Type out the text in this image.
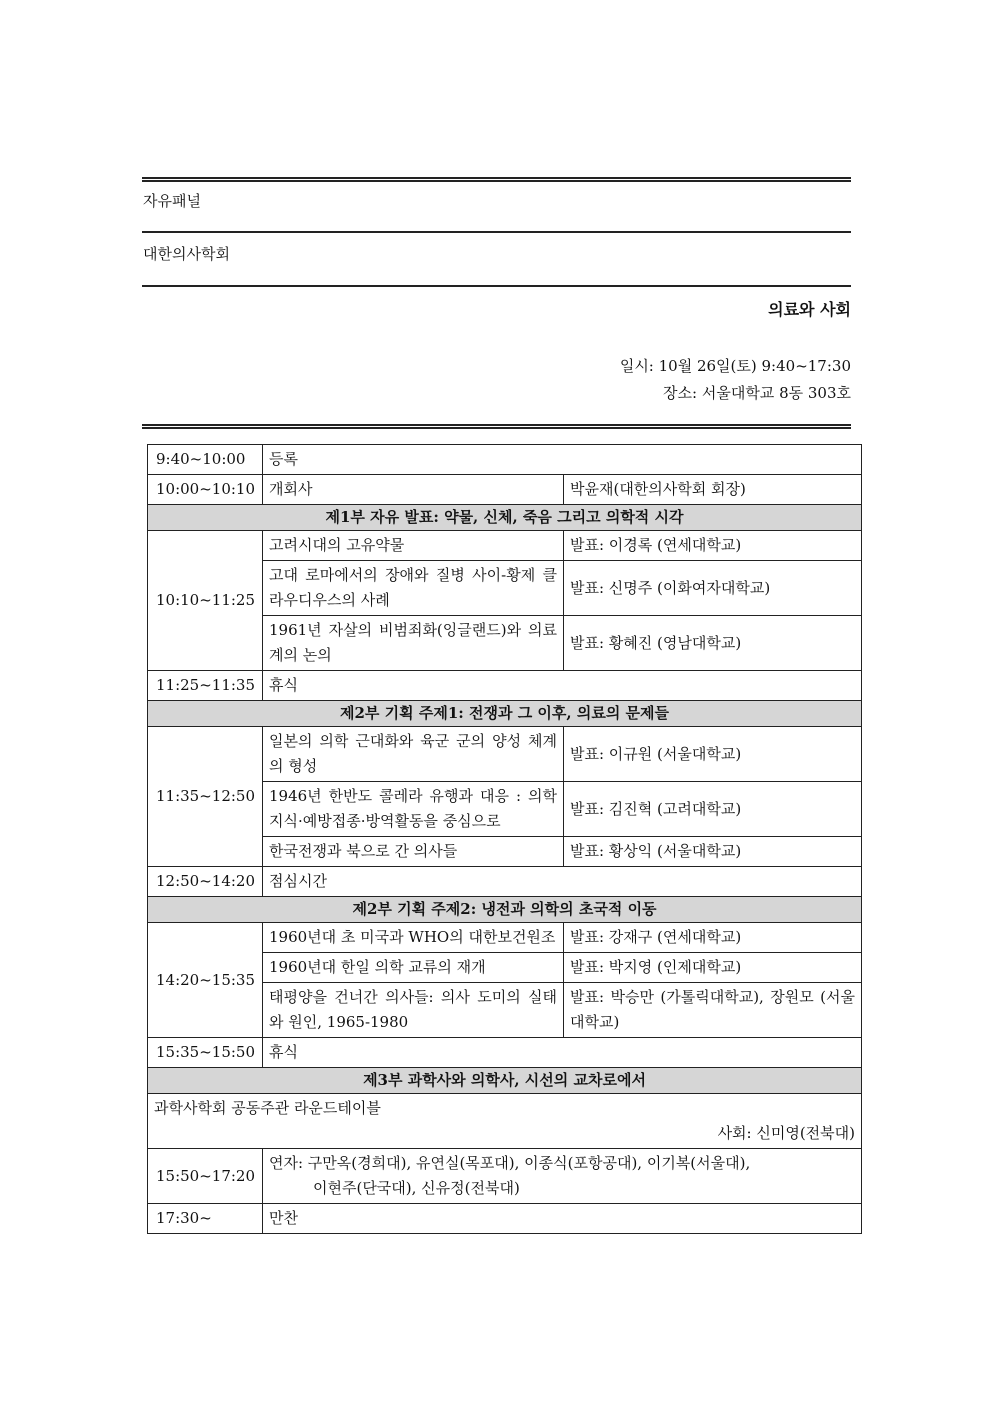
자유패널
대한의사학회
의료와 사회
일시: 10월 26일(토) 9:40~17:30
장소: 서울대학교 8동 303호
9:40~10:00	등록	
10:00~10:10	개회사	박윤재(대한의사학회 회장)
제1부 자유 발표: 약물, 신체, 죽음 그리고 의학적 시각		
10:10~11:25	고려시대의 고유약물	발표: 이경록 (연세대학교)
	고대 로마에서의 장애와 질병 사이-황제 클라우디우스의 사례	발표: 신명주 (이화여자대학교)
	1961년 자살의 비범죄화(잉글랜드)와 의료계의 논의	발표: 황혜진 (영남대학교)
11:25~11:35	휴식	
제2부 기획 주제1: 전쟁과 그 이후, 의료의 문제들		
11:35~12:50	일본의 의학 근대화와 육군 군의 양성 체계의 형성	발표: 이규원 (서울대학교)
	1946년 한반도 콜레라 유행과 대응 : 의학지식·예방접종·방역활동을 중심으로	발표: 김진혁 (고려대학교)
	한국전쟁과 북으로 간 의사들	발표: 황상익 (서울대학교)
12:50~14:20	점심시간	
제2부 기획 주제2: 냉전과 의학의 초국적 이동		
14:20~15:35	1960년대 초 미국과 WHO의 대한보건원조	발표: 강재구 (연세대학교)
	1960년대 한일 의학 교류의 재개	발표: 박지영 (인제대학교)
	태평양을 건너간 의사들: 의사 도미의 실태와 원인, 1965-1980	발표: 박승만 (가톨릭대학교), 장원모 (서울대학교)
15:35~15:50	휴식	
제3부 과학사와 의학사, 시선의 교차로에서		

과학사학회 공동주관 라운드테이블
사회: 신미영(전북대)		

15:50~17:20	연자: 구만옥(경희대), 유연실(목포대), 이종식(포항공대), 이기복(서울대),
이현주(단국대), 신유정(전북대)	

17:30~	만찬	
